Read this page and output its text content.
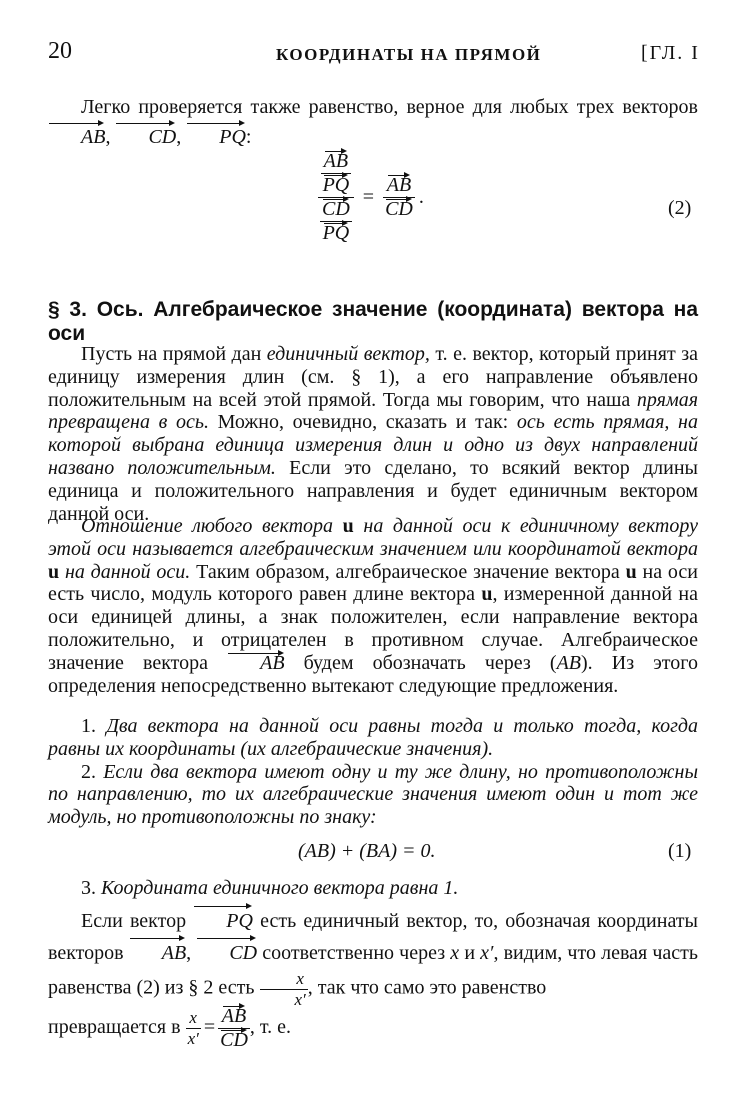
20	КООРДИНАТЫ НА ПРЯМОЙ	[ГЛ. I

Легко проверяется также равенство, верное для любых трех векторов AB, CD, PQ:

$\frac{\frac{AB}{PQ}}{\frac{CD}{PQ}} = \frac{AB}{CD}$ .	(2)
§ 3. Ось. Алгебраическое значение (координата) вектора на оси

Пусть на прямой дан единичный вектор, т. е. вектор, который принят за единицу измерения длин (см. § 1), а его направление объявлено положительным на всей этой прямой. Тогда мы говорим, что наша прямая превращена в ось. Можно, очевидно, сказать и так: ось есть прямая, на которой выбрана единица измерения длин и одно из двух направлений названо положительным. Если это сделано, то всякий вектор длины единица и положительного направления и будет единичным вектором данной оси.

Отношение любого вектора u на данной оси к единичному вектору этой оси называется алгебраическим значением или координатой вектора u на данной оси. Таким образом, алгебраическое значение вектора u на оси есть число, модуль которого равен длине вектора u, измеренной данной на оси единицей длины, а знак положителен, если направление вектора положительно, и отрицателен в противном случае. Алгебраическое значение вектора AB будем обозначать через (AB). Из этого определения непосредственно вытекают следующие предложения.

1. Два вектора на данной оси равны тогда и только тогда, когда равны их координаты (их алгебраические значения).

2. Если два вектора имеют одну и ту же длину, но противоположны по направлению, то их алгебраические значения имеют один и тот же модуль, но противоположны по знаку:

(AB) + (BA) = 0.	(1)

3. Координата единичного вектора равна 1.

Если вектор PQ есть единичный вектор, то, обозначая координаты векторов AB, CD соответственно через x и x′, видим, что левая часть равенства (2) из § 2 есть $\frac{x}{x'}$ , так что само это равенство

превращается в $\frac{x}{x'} = \frac{AB}{CD}$ , т. е.
